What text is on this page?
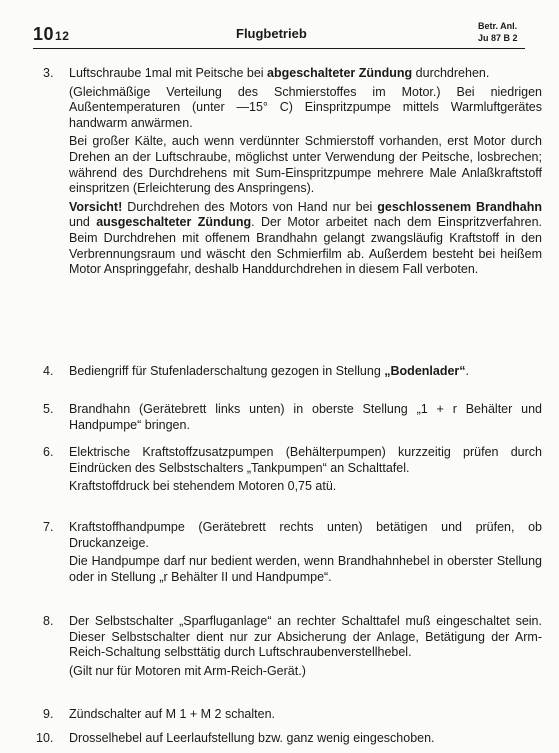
1012	Flugbetrieb	Betr. Anl.
Ju 87 B 2
3. Luftschraube 1mal mit Peitsche bei abgeschalteter Zündung durchdrehen.

(Gleichmäßige Verteilung des Schmierstoffes im Motor.) Bei niedrigen Außentemperaturen (unter —15° C) Einspritzpumpe mittels Warmluftgerätes handwarm anwärmen.

Bei großer Kälte, auch wenn verdünnter Schmierstoff vorhanden, erst Motor durch Drehen an der Luftschraube, möglichst unter Verwendung der Peitsche, losbrechen; während des Durchdrehens mit Sum-Einspritzpumpe mehrere Male Anlaßkraftstoff einspritzen (Erleichterung des Anspringens).

Vorsicht! Durchdrehen des Motors von Hand nur bei geschlossenem Brandhahn und ausgeschalteter Zündung. Der Motor arbeitet nach dem Einspritzverfahren. Beim Durchdrehen mit offenem Brandhahn gelangt zwangsläufig Kraftstoff in den Verbrennungsraum und wäscht den Schmierfilm ab. Außerdem besteht bei heißem Motor Anspringgefahr, deshalb Handdurchdrehen in diesem Fall verboten.

4. Bediengriff für Stufenladerschaltung gezogen in Stellung „Bodenlader“.

5. Brandhahn (Gerätebrett links unten) in oberste Stellung „1 + r Behälter und Handpumpe“ bringen.

6. Elektrische Kraftstoffzusatzpumpen (Behälterpumpen) kurzzeitig prüfen durch Eindrücken des Selbstschalters „Tankpumpen“ an Schalttafel.

Kraftstoffdruck bei stehendem Motoren 0,75 atü.

7. Kraftstoffhandpumpe (Gerätebrett rechts unten) betätigen und prüfen, ob Druckanzeige.

Die Handpumpe darf nur bedient werden, wenn Brandhahnhebel in oberster Stellung oder in Stellung „r Behälter II und Handpumpe“.

8. Der Selbstschalter „Sparfluganlage“ an rechter Schalttafel muß eingeschaltet sein. Dieser Selbstschalter dient nur zur Absicherung der Anlage, Betätigung der Arm-Reich-Schaltung selbsttätig durch Luftschraubenverstellhebel.

(Gilt nur für Motoren mit Arm-Reich-Gerät.)

9. Zündschalter auf M 1 + M 2 schalten.

10. Drosselhebel auf Leerlaufstellung bzw. ganz wenig eingeschoben.
